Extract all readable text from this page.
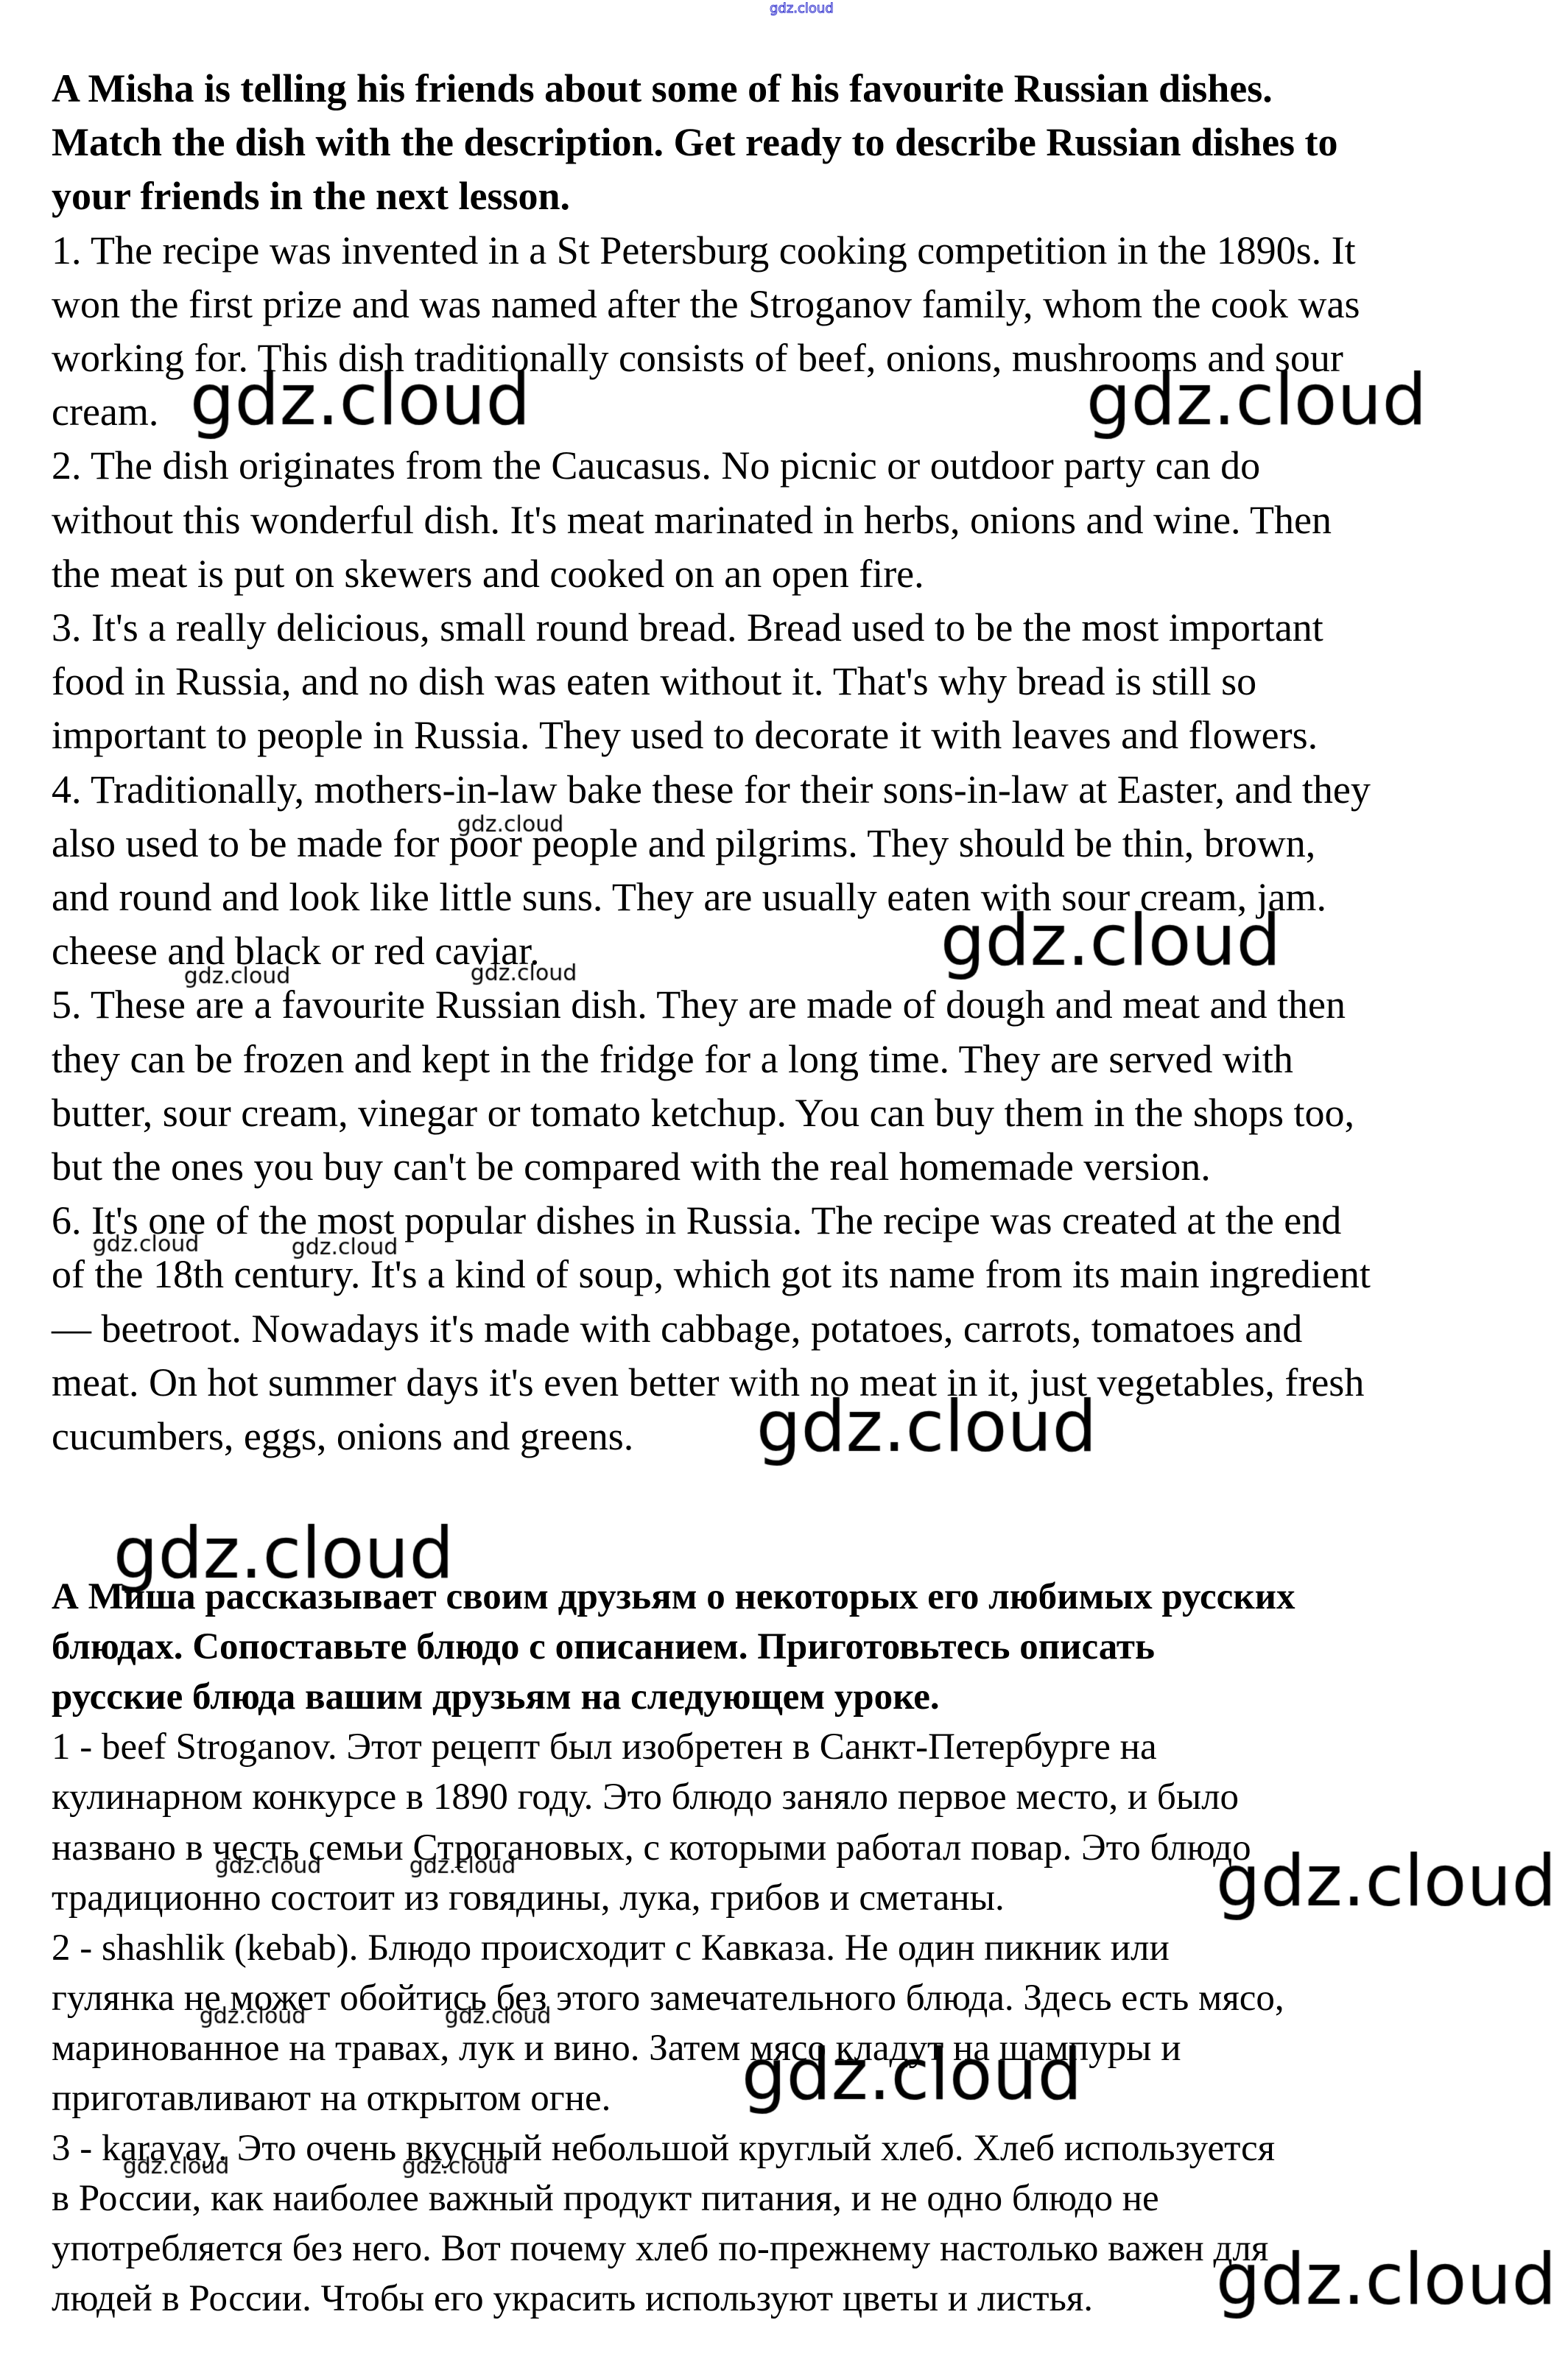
gdz.cloud
A Misha is telling his friends about some of his favourite Russian dishes.
Match the dish with the description. Get ready to describe Russian dishes to
your friends in the next lesson.
1. The recipe was invented in a St Petersburg cooking competition in the 1890s. It
won the first prize and was named after the Stroganov family, whom the cook was
working for. This dish traditionally consists of beef, onions, mushrooms and sour
cream.
2. The dish originates from the Caucasus. No picnic or outdoor party can do
without this wonderful dish. It's meat marinated in herbs, onions and wine. Then
the meat is put on skewers and cooked on an open fire.
3. It's a really delicious, small round bread. Bread used to be the most important
food in Russia, and no dish was eaten without it. That's why bread is still so
important to people in Russia. They used to decorate it with leaves and flowers.
4. Traditionally, mothers-in-law bake these for their sons-in-law at Easter, and they
also used to be made for poor people and pilgrims. They should be thin, brown,
and round and look like little suns. They are usually eaten with sour cream, jam.
cheese and black or red caviar.
5. These are a favourite Russian dish. They are made of dough and meat and then
they can be frozen and kept in the fridge for a long time. They are served with
butter, sour cream, vinegar or tomato ketchup. You can buy them in the shops too,
but the ones you buy can't be compared with the real homemade version.
6. It's one of the most popular dishes in Russia. The recipe was created at the end
of the 18th century. It's a kind of soup, which got its name from its main ingredient
— beetroot. Nowadays it's made with cabbage, potatoes, carrots, tomatoes and
meat. On hot summer days it's even better with no meat in it, just vegetables, fresh
cucumbers, eggs, onions and greens.
А Миша рассказывает своим друзьям о некоторых его любимых русских
блюдах. Сопоставьте блюдо с описанием. Приготовьтесь описать
русские блюда вашим друзьям на следующем уроке.
1 - beef Stroganov. Этот рецепт был изобретен в Санкт-Петербурге на
кулинарном конкурсе в 1890 году. Это блюдо заняло первое место, и было
названо в честь семьи Строгановых, с которыми работал повар. Это блюдо
традиционно состоит из говядины, лука, грибов и сметаны.
2 - shashlik (kebab). Блюдо происходит с Кавказа. Не один пикник или
гулянка не может обойтись без этого замечательного блюда. Здесь есть мясо,
маринованное на травах, лук и вино. Затем мясо кладут на шампуры и
приготавливают на открытом огне.
3 - karavay. Это очень вкусный небольшой круглый хлеб. Хлеб используется
в России, как наиболее важный продукт питания, и не одно блюдо не
употребляется без него. Вот почему хлеб по-прежнему настолько важен для
людей в России. Чтобы его украсить используют цветы и листья.
